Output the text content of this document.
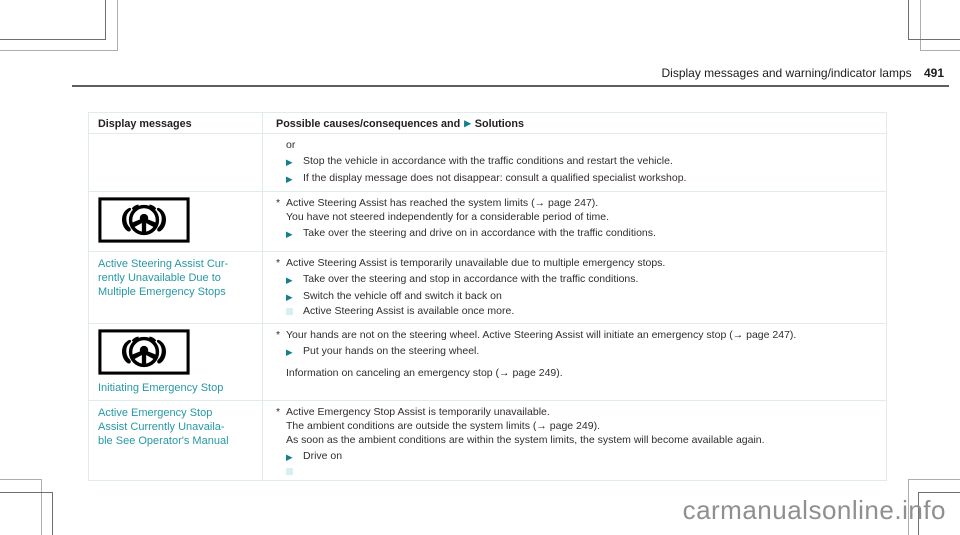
Display messages and warning/indicator lamps 491
Display messages	Possible causes/consequences and ▶ Solutions
or
▶ Stop the vehicle in accordance with the traffic conditions and restart the vehicle.
▶ If the display message does not disappear: consult a qualified specialist workshop.
* Active Steering Assist has reached the system limits (→ page 247).
You have not steered independently for a considerable period of time.
▶ Take over the steering and drive on in accordance with the traffic conditions.
Active Steering Assist Cur-
rently Unavailable Due to
Multiple Emergency Stops
* Active Steering Assist is temporarily unavailable due to multiple emergency stops.
▶ Take over the steering and stop in accordance with the traffic conditions.
▶ Switch the vehicle off and switch it back on
Active Steering Assist is available once more.
Initiating Emergency Stop
* Your hands are not on the steering wheel. Active Steering Assist will initiate an emergency stop (→ page 247).
▶ Put your hands on the steering wheel.
Information on canceling an emergency stop (→ page 249).
Active Emergency Stop
Assist Currently Unavaila-
ble See Operator's Manual
* Active Emergency Stop Assist is temporarily unavailable.
The ambient conditions are outside the system limits (→ page 249).
As soon as the ambient conditions are within the system limits, the system will become available again.
▶ Drive on
carmanualsonline.info
